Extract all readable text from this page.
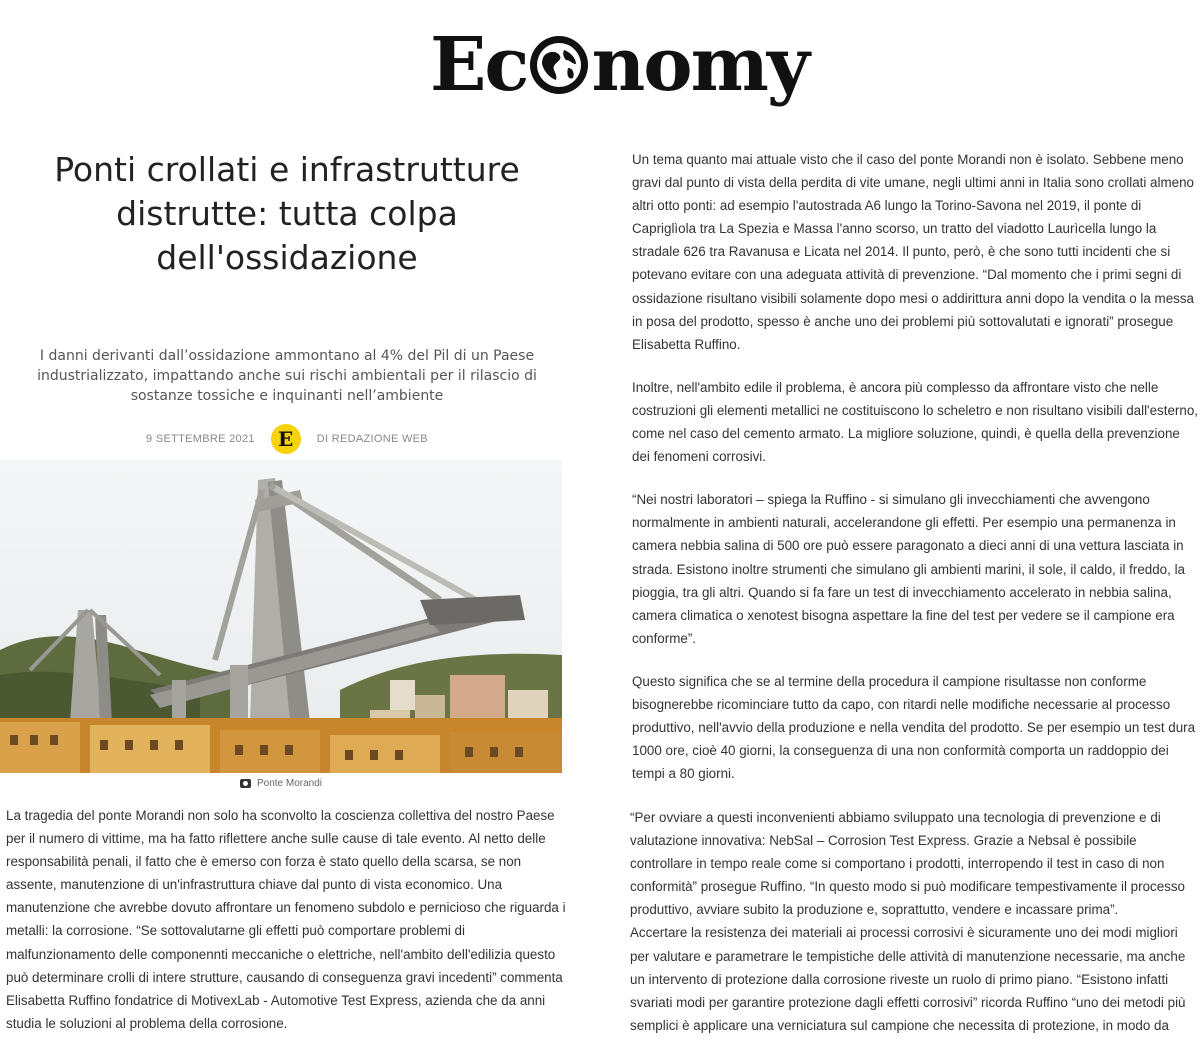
Ec nomy
Ponti crollati e infrastrutture distrutte: tutta colpa dell'ossidazione

I danni derivanti dall’ossidazione ammontano al 4% del Pil di un Paese industrializzato, impattando anche sui rischi ambientali per il rilascio di sostanze tossiche e inquinanti nell’ambiente

9 SETTEMBRE 2021 E DI REDAZIONE WEB
Ponte Morandi

La tragedia del ponte Morandi non solo ha sconvolto la coscienza collettiva del nostro Paese per il numero di vittime, ma ha fatto riflettere anche sulle cause di tale evento. Al netto delle responsabilità penali, il fatto che è emerso con forza è stato quello della scarsa, se non assente, manutenzione di un'infrastruttura chiave dal punto di vista economico. Una manutenzione che avrebbe dovuto affrontare un fenomeno subdolo e pernicioso che riguarda i metalli: la corrosione. “Se sottovalutarne gli effetti può comportare problemi di malfunzionamento delle componennti meccaniche o elettriche, nell'ambito dell'edilizia questo può determinare crolli di intere strutture, causando di conseguenza gravi incedenti” commenta Elisabetta Ruffino fondatrice di MotivexLab - Automotive Test Express, azienda che da anni studia le soluzioni al problema della corrosione.

Un tema quanto mai attuale visto che il caso del ponte Morandi non è isolato. Sebbene meno gravi dal punto di vista della perdita di vite umane, negli ultimi anni in Italia sono crollati almeno altri otto ponti: ad esempio l'autostrada A6 lungo la Torino-Savona nel 2019, il ponte di Capriglìola tra La Spezia e Massa l'anno scorso, un tratto del viadotto Laurìcella lungo la stradale 626 tra Ravanusa e Licata nel 2014. Il punto, però, è che sono tutti incidenti che si potevano evitare con una adeguata attività di prevenzione. “Dal momento che i primi segni di ossidazione risultano visibili solamente dopo mesi o addirittura anni dopo la vendita o la messa in posa del prodotto, spesso è anche uno dei problemi più sottovalutati e ignorati” prosegue Elisabetta Ruffino.

Inoltre, nell'ambito edile il problema, è ancora più complesso da affrontare visto che nelle costruzioni gli elementi metallici ne costituiscono lo scheletro e non risultano visibili dall'esterno, come nel caso del cemento armato. La migliore soluzione, quindi, è quella della prevenzione dei fenomeni corrosivi.

“Nei nostri laboratori – spiega la Ruffino - si simulano gli invecchiamenti che avvengono normalmente in ambienti naturali, accelerandone gli effetti. Per esempio una permanenza in camera nebbia salina di 500 ore può essere paragonato a dieci anni di una vettura lasciata in strada. Esistono inoltre strumenti che simulano gli ambienti marini, il sole, il caldo, il freddo, la pioggia, tra gli altri. Quando si fa fare un test di invecchiamento accelerato in nebbia salina, camera climatica o xenotest bisogna aspettare la fine del test per vedere se il campione era conforme”.

Questo significa che se al termine della procedura il campione risultasse non conforme bisognerebbe ricominciare tutto da capo, con ritardi nelle modifiche necessarie al processo produttivo, nell'avvio della produzione e nella vendita del prodotto. Se per esempio un test dura 1000 ore, cioè 40 giorni, la conseguenza di una non conformità comporta un raddoppio dei tempi a 80 giorni.

“Per ovviare a questi inconvenienti abbiamo sviluppato una tecnologia di prevenzione e di valutazione innovativa: NebSal – Corrosion Test Express. Grazie a Nebsal è possibile controllare in tempo reale come si comportano i prodotti, interropendo il test in caso di non conformità” prosegue Ruffino. “In questo modo si può modificare tempestivamente il processo produttivo, avviare subito la produzione e, soprattutto, vendere e incassare prima”.

Accertare la resistenza dei materiali ai processi corrosivi è sicuramente uno dei modi migliori per valutare e parametrare le tempistiche delle attività di manutenzione necessarie, ma anche un intervento di protezione dalla corrosione riveste un ruolo di primo piano. “Esistono infatti svariati modi per garantire protezione dagli effetti corrosivi” ricorda Ruffino “uno dei metodi più semplici è applicare una verniciatura sul campione che necessita di protezione, in modo da
